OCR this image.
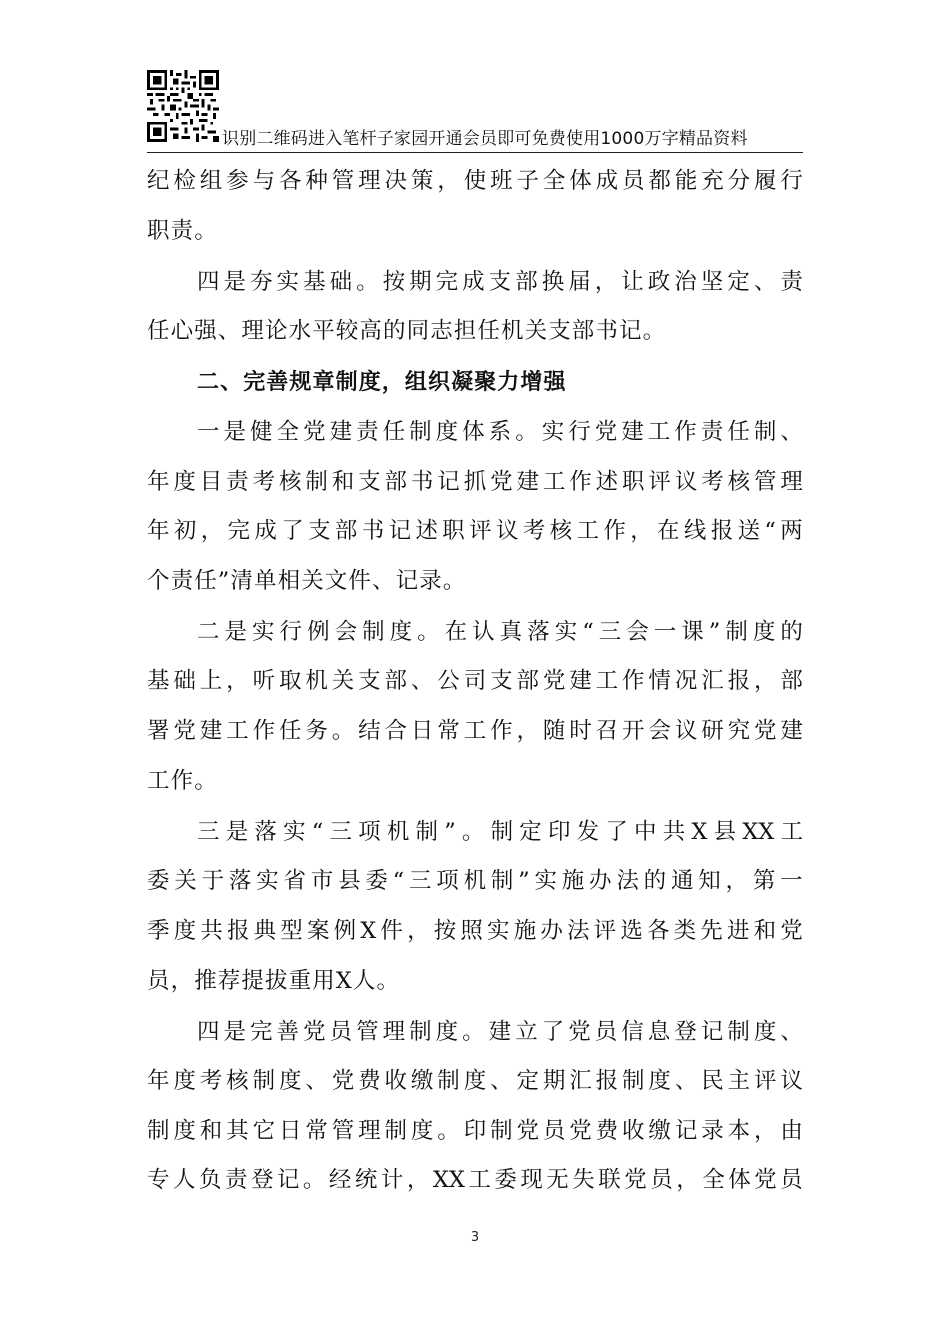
识别二维码进入笔杆子家园开通会员即可免费使用1000万字精品资料
纪 检 组 参 与 各 种 管 理 决 策 ， 使 班 子 全 体 成 员 都 能 充 分 履 行
职责。
四 是 夯 实 基 础 。 按 期 完 成 支 部 换 届 ， 让 政 治 坚 定 、 责
任心强、理论水平较高的同志担任机关支部书记。
二、完善规章制度，组织凝聚力增强
一 是 健 全 党 建 责 任 制 度 体 系 。 实 行 党 建 工 作 责 任 制 、
年 度 目 责 考 核 制 和 支 部 书 记 抓 党 建 工 作 述 职 评 议 考 核 管 理
年 初 ， 完 成 了 支 部 书 记 述 职 评 议 考 核 工 作 ， 在 线 报 送 “ 两
个责任”清单相关文件、记录。
二 是 实 行 例 会 制 度 。 在 认 真 落 实 “ 三 会 一 课 ” 制 度 的
基 础 上 ， 听 取 机 关 支 部 、 公 司 支 部 党 建 工 作 情 况 汇 报 ， 部
署 党 建 工 作 任 务 。 结 合 日 常 工 作 ， 随 时 召 开 会 议 研 究 党 建
工作。
三 是 落 实 “ 三 项 机 制 ” 。 制 定 印 发 了 中 共 X 县 XX 工
委 关 于 落 实 省 市 县 委 “ 三 项 机 制 ” 实 施 办 法 的 通 知 ， 第 一
季 度 共 报 典 型 案 例 X 件 ， 按 照 实 施 办 法 评 选 各 类 先 进 和 党
员，推荐提拔重用X人。
四 是 完 善 党 员 管 理 制 度 。 建 立 了 党 员 信 息 登 记 制 度 、
年 度 考 核 制 度 、 党 费 收 缴 制 度 、 定 期 汇 报 制 度 、 民 主 评 议
制 度 和 其 它 日 常 管 理 制 度 。 印 制 党 员 党 费 收 缴 记 录 本 ， 由
专 人 负 责 登 记 。 经 统 计 ， XX 工 委 现 无 失 联 党 员 ， 全 体 党 员
3
